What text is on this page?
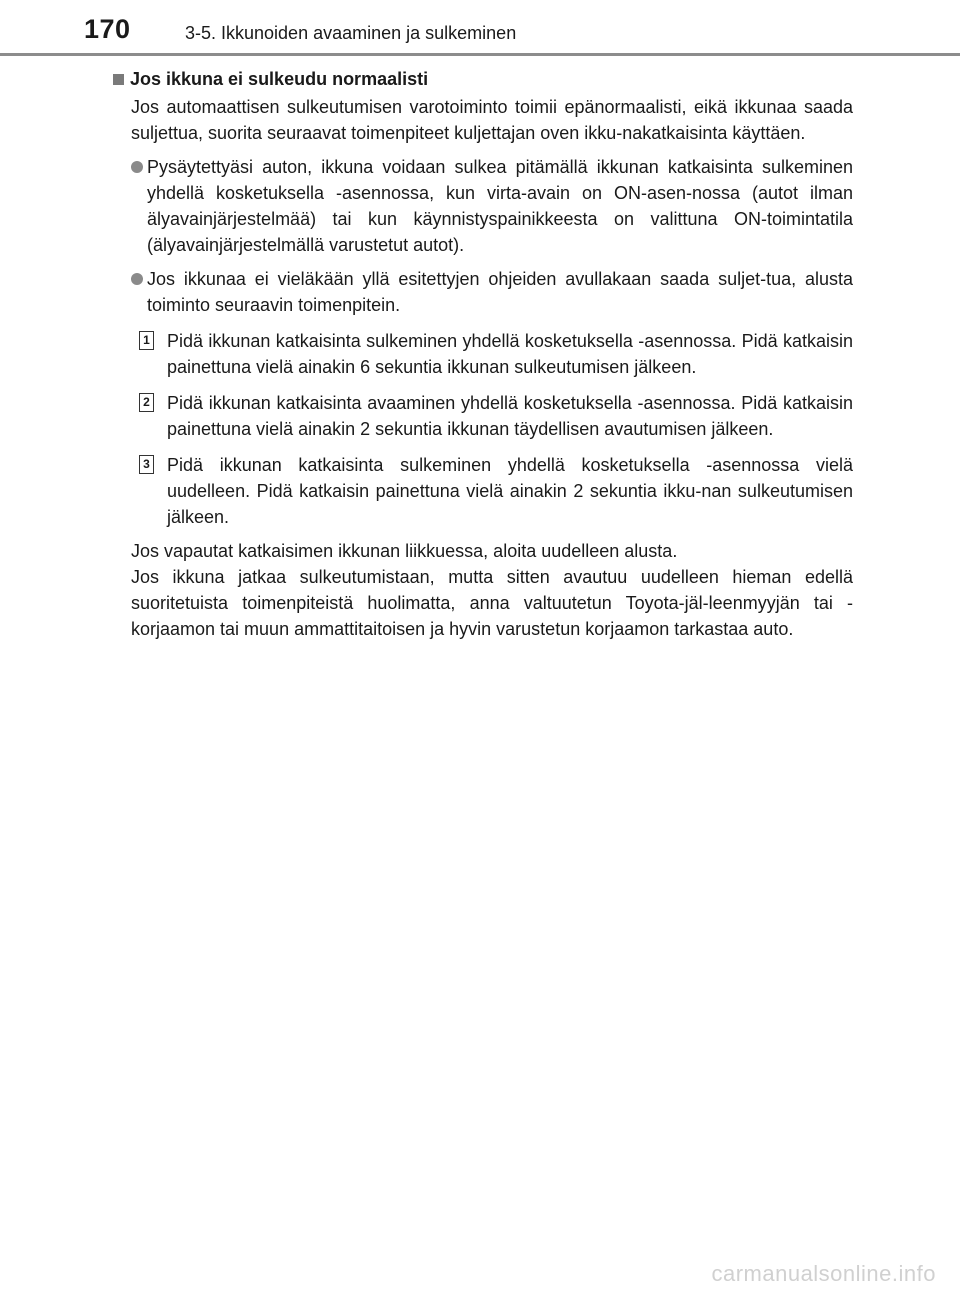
170	3-5. Ikkunoiden avaaminen ja sulkeminen
Jos ikkuna ei sulkeudu normaalisti
Jos automaattisen sulkeutumisen varotoiminto toimii epänormaalisti, eikä ikkunaa saada suljettua, suorita seuraavat toimenpiteet kuljettajan oven ikku-nakatkaisinta käyttäen.
Pysäytettyäsi auton, ikkuna voidaan sulkea pitämällä ikkunan katkaisinta sulkeminen yhdellä kosketuksella -asennossa, kun virta-avain on ON-asen-nossa (autot ilman älyavainjärjestelmää) tai kun käynnistyspainikkeesta on valittuna ON-toimintatila (älyavainjärjestelmällä varustetut autot).
Jos ikkunaa ei vieläkään yllä esitettyjen ohjeiden avullakaan saada suljet-tua, alusta toiminto seuraavin toimenpitein.
1 Pidä ikkunan katkaisinta sulkeminen yhdellä kosketuksella -asennossa. Pidä katkaisin painettuna vielä ainakin 6 sekuntia ikkunan sulkeutumisen jälkeen.
2 Pidä ikkunan katkaisinta avaaminen yhdellä kosketuksella -asennossa. Pidä katkaisin painettuna vielä ainakin 2 sekuntia ikkunan täydellisen avautumisen jälkeen.
3 Pidä ikkunan katkaisinta sulkeminen yhdellä kosketuksella -asennossa vielä uudelleen. Pidä katkaisin painettuna vielä ainakin 2 sekuntia ikku-nan sulkeutumisen jälkeen.
Jos vapautat katkaisimen ikkunan liikkuessa, aloita uudelleen alusta.
Jos ikkuna jatkaa sulkeutumistaan, mutta sitten avautuu uudelleen hieman edellä suoritetuista toimenpiteistä huolimatta, anna valtuutetun Toyota-jäl-leenmyyjän tai -korjaamon tai muun ammattitaitoisen ja hyvin varustetun korjaamon tarkastaa auto.
carmanualsonline.info
